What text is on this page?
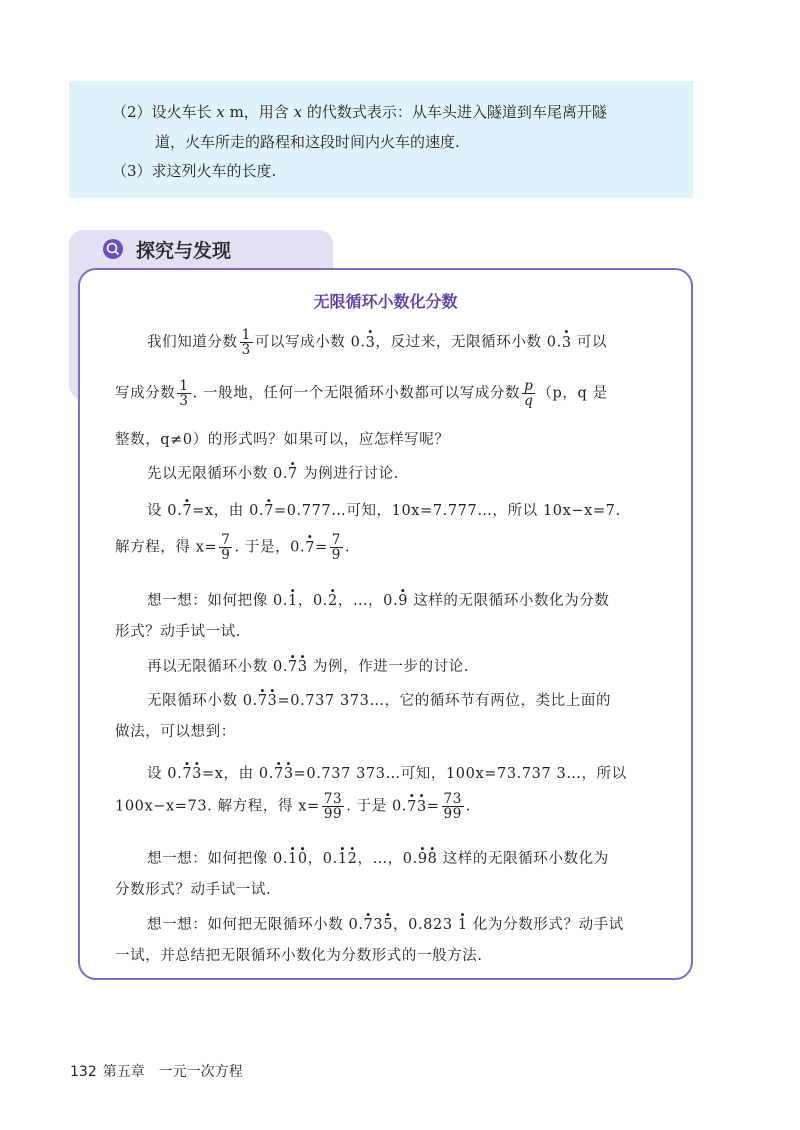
（2）设火车长 x m，用含 x 的代数式表示：从车头进入隧道到车尾离开隧
道，火车所走的路程和这段时间内火车的速度.
（3）求这列火车的长度.
探究与发现
无限循环小数化分数
我们知道分数 $\frac{1}{3}$ 可以写成小数 0.3 ·，反过来，无限循环小数 0.3 · 可以
写成分数 $\frac{1}{3}$ . 一般地，任何一个无限循环小数都可以写成分数 $\frac{p}{q} (p$，q 是
整数，q≠0）的形式吗？如果可以，应怎样写呢？
先以无限循环小数 0.7 · 为例进行讨论.
设 0.7 ·=x，由 0.7 ·=0.777…可知，10x=7.777…，所以 10x−x=7.
解方程，得 $x= \frac{7}{9}$ . 于是，$0.7 \cdot= \frac{7}{9}$ .
想一想：如何把像 0.1 ·，0.2 ·，…，0.9 · 这样的无限循环小数化为分数
形式？动手试一试.
再以无限循环小数 0.7 ·3 · 为例，作进一步的讨论.
无限循环小数 0.7 ·3 ·=0.737 373…，它的循环节有两位，类比上面的
做法，可以想到：
设 0.7 ·3 ·=x，由 0.7 ·3 ·=0.737 373…可知，100x=73.737 3…，所以
100x−x=73. 解方程，得 $x= \frac{73}{99}$ . 于是 $0.7 \cdot 3 \cdot= \frac{73}{99}$ .
想一想：如何把像 0.1 ·0 ·，0.1 ·2 ·，…，0.9 ·8 · 这样的无限循环小数化为
分数形式？动手试一试.
想一想：如何把无限循环小数 0.7 ·35 ·，0.823 1 · 化为分数形式？动手试
一试，并总结把无限循环小数化为分数形式的一般方法.
132 第五章　一元一次方程
